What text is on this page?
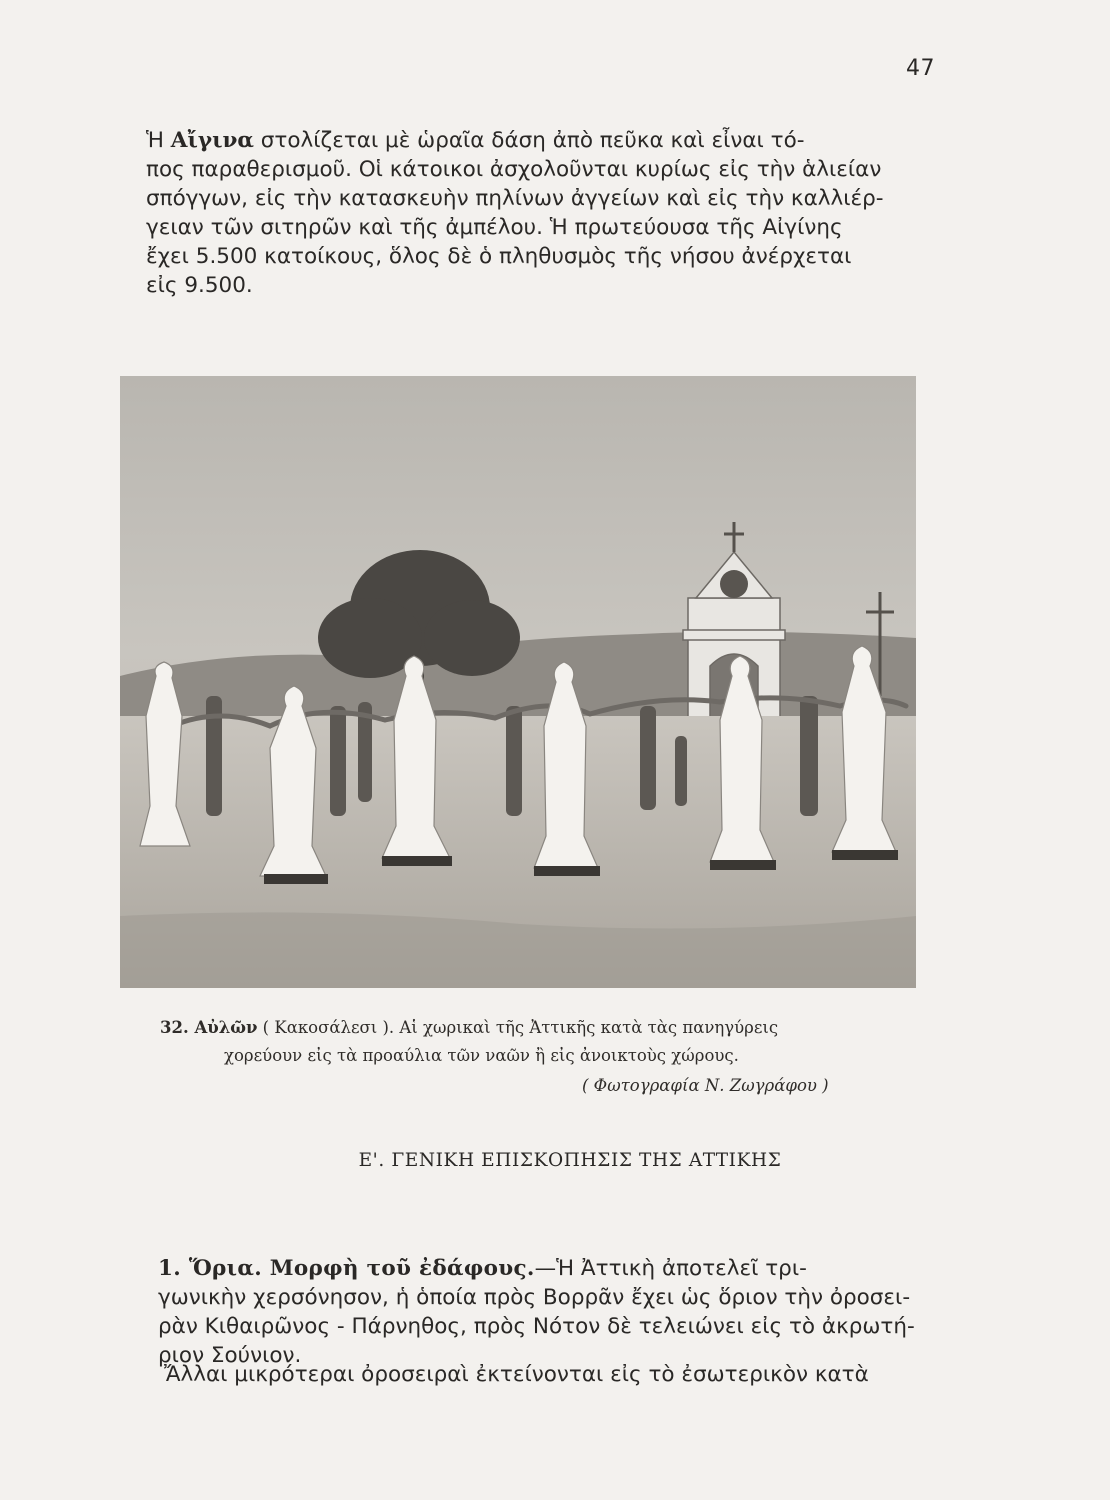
47
Ἡ Αἴγινα στολίζεται μὲ ὡραῖα δάση ἀπὸ πεῦκα καὶ εἶναι τό-
πος παραθερισμοῦ. Οἱ κάτοικοι ἀσχολοῦνται κυρίως εἰς τὴν ἁλιείαν
σπόγγων, εἰς τὴν κατασκευὴν πηλίνων ἀγγείων καὶ εἰς τὴν καλλιέρ-
γειαν τῶν σιτηρῶν καὶ τῆς ἀμπέλου. Ἡ πρωτεύουσα τῆς Αἰγίνης
ἔχει 5.500 κατοίκους, ὅλος δὲ ὁ πληθυσμὸς τῆς νήσου ἀνέρχεται
εἰς 9.500.
32. Αὐλῶν ( Κακοσάλεσι ). Αἱ χωρικαὶ τῆς Ἀττικῆς κατὰ τὰς πανηγύρεις
χορεύουν εἰς τὰ προαύλια τῶν ναῶν ἢ εἰς ἀνοικτοὺς χώρους.
( Φωτογραφία Ν. Ζωγράφου )
Ε'. ΓΕΝΙΚΗ ΕΠΙΣΚΟΠΗΣΙΣ ΤΗΣ ΑΤΤΙΚΗΣ
1. Ὅρια. Μορφὴ τοῦ ἐδάφους.—Ἡ Ἀττικὴ ἀποτελεῖ τρι-
γωνικὴν χερσόνησον, ἡ ὁποία πρὸς Βορρᾶν ἔχει ὡς ὅριον τὴν ὀροσει-
ρὰν Κιθαιρῶνος - Πάρνηθος, πρὸς Νότον δὲ τελειώνει εἰς τὸ ἀκρωτή-
ριον Σούνιον.
Ἄλλαι μικρότεραι ὀροσειραὶ ἐκτείνονται εἰς τὸ ἐσωτερικὸν κατὰ
